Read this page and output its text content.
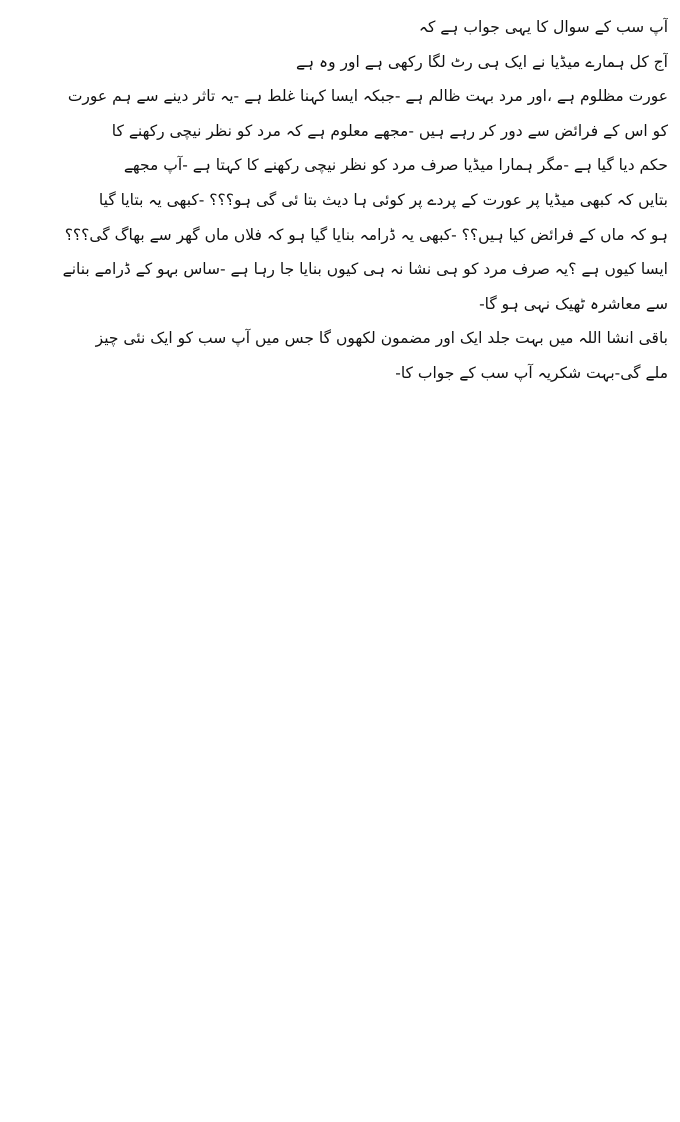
آپ سب کے سوال کا یہی جواب ہے کہ
آج کل ہمارے میڈیا نے ایک ہی رٹ لگا رکھی ہے اور وہ ہے
عورت مظلوم ہے ،اور مرد بہت ظالم ہے -جبکہ ایسا کہنا غلط ہے -یہ تاثر دینے سے ہم عورت
کو اس کے فرائض سے دور کر رہے ہیں -مجھے معلوم ہے کہ مرد کو نظر نیچی رکھنے کا
حکم دیا گیا ہے -مگر ہمارا میڈیا صرف مرد کو نظر نیچی رکھنے کا کہتا ہے -آپ مجھے
بتایں کہ کبھی میڈیا پر عورت کے پردے پر کوئی ہا دیث بتا ئی گی ہو؟؟؟ -کبھی یہ بتایا گیا
ہو کہ ماں کے فرائض کیا ہیں؟؟ -کبھی یہ ڈرامہ بنایا گیا ہو کہ فلاں ماں گھر سے بھاگ گی؟؟؟
ایسا کیوں ہے ؟یہ صرف مرد کو ہی نشا نہ ہی کیوں بنایا جا رہا ہے -ساس بہو کے ڈرامے بنانے
سے معاشرہ ٹھیک نہی ہو گا-
باقی انشا اللہ میں بہت جلد ایک اور مضمون لکھوں گا جس میں آپ سب کو ایک نئی چیز
ملے گی-بہت شکریہ آپ سب کے جواب کا-
